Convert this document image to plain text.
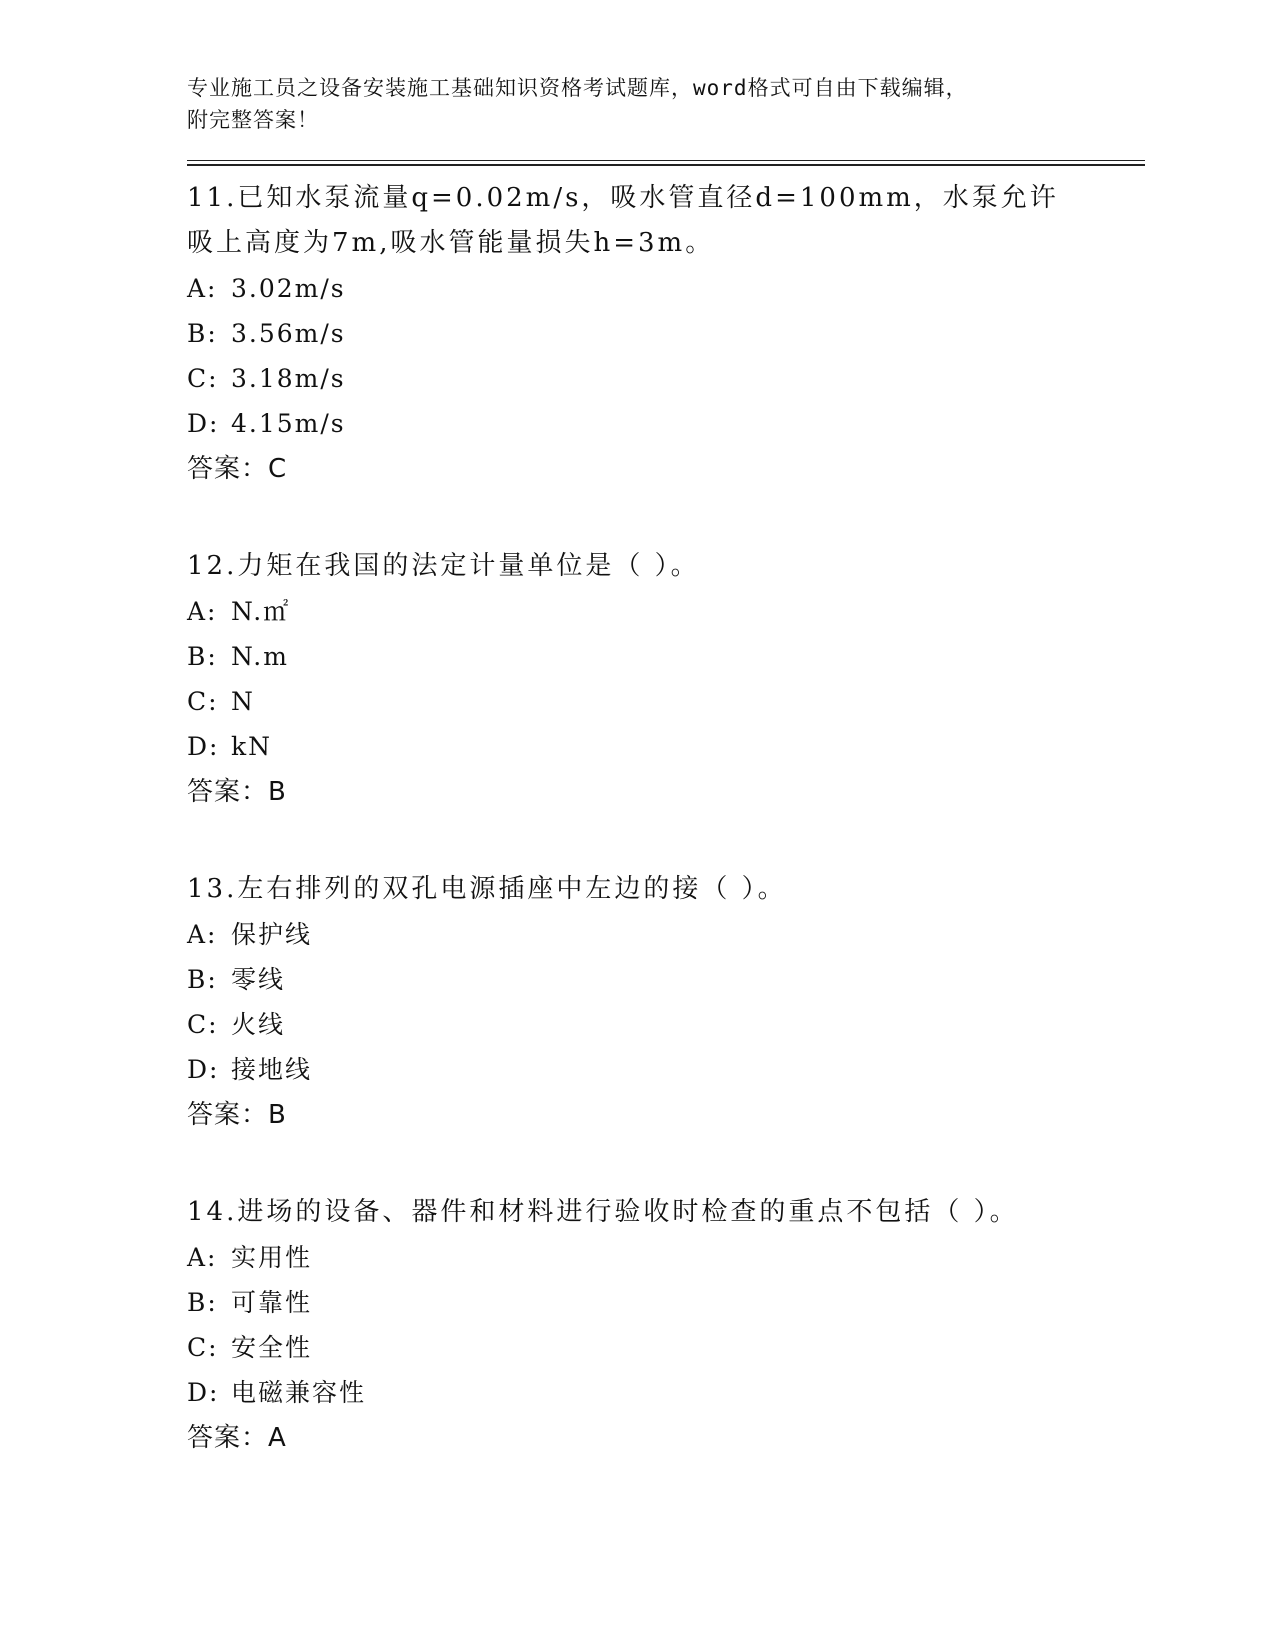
专业施工员之设备安装施工基础知识资格考试题库，word格式可自由下载编辑，
附完整答案！
11.已知水泵流量q=0.02m/s，吸水管直径d=100mm，水泵允许吸上高度为7m,吸水管能量损失h=3m。
A: 3.02m/s
B: 3.56m/s
C: 3.18m/s
D: 4.15m/s
答案：C
12.力矩在我国的法定计量单位是（ ）。
A: N.㎡
B: N.m
C: N
D: kN
答案：B
13.左右排列的双孔电源插座中左边的接（ ）。
A: 保护线
B: 零线
C: 火线
D: 接地线
答案：B
14.进场的设备、器件和材料进行验收时检查的重点不包括（ ）。
A: 实用性
B: 可靠性
C: 安全性
D: 电磁兼容性
答案：A
